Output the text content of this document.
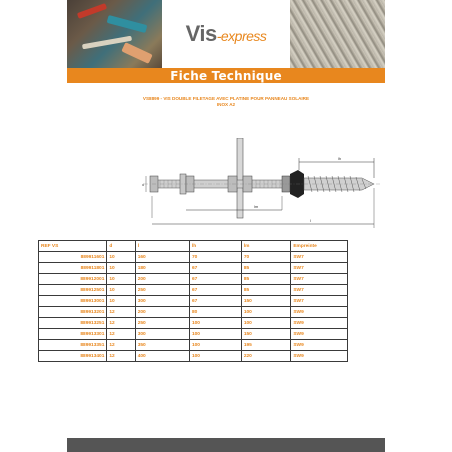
Vis-express
Fiche Technique
VS8899 - VIS DOUBLE FILETAGE AVEC PLATINE POUR PANNEAU SOLAIRE
INOX A2
lh
d
lm
l
REF VS	d	l	lh	lm	Empreinte
889911601	10	160	70	70	SW7
889911801	10	180	67	85	SW7
889912001	10	200	67	85	SW7
889912501	10	250	67	85	SW7
889913001	10	300	67	150	SW7
889913201	12	200	80	100	SW9
889913251	12	250	100	100	SW9
889913301	12	300	100	150	SW9
889913351	12	350	100	195	SW9
889913401	12	400	100	220	SW9
